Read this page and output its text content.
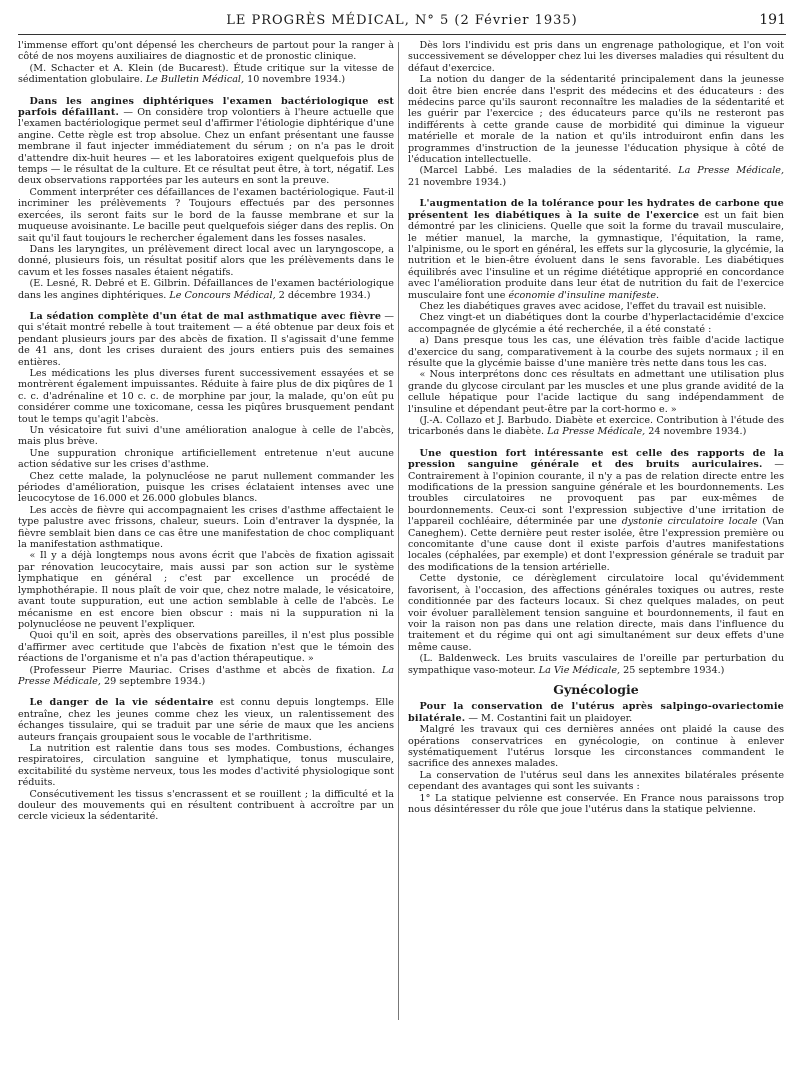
LE PROGRÈS MÉDICAL, N° 5 (2 Février 1935)	191

l'immense effort qu'ont dépensé les chercheurs de partout pour la ranger à côté de nos moyens auxiliaires de diagnostic et de pronostic clinique.

(M. Schacter et A. Klein (de Bucarest). Étude critique sur la vitesse de sédimentation globulaire. Le Bulletin Médical, 10 novembre 1934.)

Dans les angines diphtériques l'examen bactériologique est parfois défaillant. — On considère trop volontiers à l'heure actuelle que l'examen bactériologique permet seul d'affirmer l'étiologie diphtérique d'une angine. Cette règle est trop absolue. Chez un enfant présentant une fausse membrane il faut injecter immédiatement du sérum ; on n'a pas le droit d'attendre dix-huit heures — et les laboratoires exigent quelquefois plus de temps — le résultat de la culture. Et ce résultat peut être, à tort, négatif. Les deux observations rapportées par les auteurs en sont la preuve.

Comment interpréter ces défaillances de l'examen bactériologique. Faut-il incriminer les prélèvements ? Toujours effectués par des personnes exercées, ils seront faits sur le bord de la fausse membrane et sur la muqueuse avoisinante. Le bacille peut quelquefois siéger dans des replis. On sait qu'il faut toujours le rechercher également dans les fosses nasales.

Dans les laryngites, un prélèvement direct local avec un laryngoscope, a donné, plusieurs fois, un résultat positif alors que les prélèvements dans le cavum et les fosses nasales étaient négatifs.

(E. Lesné, R. Debré et E. Gilbrin. Défaillances de l'examen bactériologique dans les angines diphtériques. Le Concours Médical, 2 décembre 1934.)

La sédation complète d'un état de mal asthmatique avec fièvre — qui s'était montré rebelle à tout traitement — a été obtenue par deux fois et pendant plusieurs jours par des abcès de fixation. Il s'agissait d'une femme de 41 ans, dont les crises duraient des jours entiers puis des semaines entières.

Les médications les plus diverses furent successivement essayées et se montrèrent également impuissantes. Réduite à faire plus de dix piqûres de 1 c. c. d'adrénaline et 10 c. c. de morphine par jour, la malade, qu'on eût pu considérer comme une toxicomane, cessa les piqûres brusquement pendant tout le temps qu'agit l'abcès.

Un vésicatoire fut suivi d'une amélioration analogue à celle de l'abcès, mais plus brève.

Une suppuration chronique artificiellement entretenue n'eut aucune action sédative sur les crises d'asthme.

Chez cette malade, la polynucléose ne parut nullement commander les périodes d'amélioration, puisque les crises éclataient intenses avec une leucocytose de 16.000 et 26.000 globules blancs.

Les accès de fièvre qui accompagnaient les crises d'asthme affectaient le type palustre avec frissons, chaleur, sueurs. Loin d'entraver la dyspnée, la fièvre semblait bien dans ce cas être une manifestation de choc compliquant la manifestation asthmatique.

« Il y a déjà longtemps nous avons écrit que l'abcès de fixation agissait par rénovation leucocytaire, mais aussi par son action sur le système lymphatique en général ; c'est par excellence un procédé de lymphothérapie. Il nous plaît de voir que, chez notre malade, le vésicatoire, avant toute suppuration, eut une action semblable à celle de l'abcès. Le mécanisme en est encore bien obscur : mais ni la suppuration ni la polynucléose ne peuvent l'expliquer.

Quoi qu'il en soit, après des observations pareilles, il n'est plus possible d'affirmer avec certitude que l'abcès de fixation n'est que le témoin des réactions de l'organisme et n'a pas d'action thérapeutique. »

(Professeur Pierre Mauriac. Crises d'asthme et abcès de fixation. La Presse Médicale, 29 septembre 1934.)

Le danger de la vie sédentaire est connu depuis longtemps. Elle entraîne, chez les jeunes comme chez les vieux, un ralentissement des échanges tissulaire, qui se traduit par une série de maux que les anciens auteurs français groupaient sous le vocable de l'arthritisme.

La nutrition est ralentie dans tous ses modes. Combustions, échanges respiratoires, circulation sanguine et lymphatique, tonus musculaire, excitabilité du système nerveux, tous les modes d'activité physiologique sont réduits.

Consécutivement les tissus s'encrassent et se rouillent ; la difficulté et la douleur des mouvements qui en résultent contribuent à accroître par un cercle vicieux la sédentarité.

Dès lors l'individu est pris dans un engrenage pathologique, et l'on voit successivement se développer chez lui les diverses maladies qui résultent du défaut d'exercice.

La notion du danger de la sédentarité principalement dans la jeunesse doit être bien encrée dans l'esprit des médecins et des éducateurs : des médecins parce qu'ils sauront reconnaître les maladies de la sédentarité et les guérir par l'exercice ; des éducateurs parce qu'ils ne resteront pas indifférents à cette grande cause de morbidité qui diminue la vigueur matérielle et morale de la nation et qu'ils introduiront enfin dans les programmes d'instruction de la jeunesse l'éducation physique à côté de l'éducation intellectuelle.

(Marcel Labbé. Les maladies de la sédentarité. La Presse Médicale, 21 novembre 1934.)

L'augmentation de la tolérance pour les hydrates de carbone que présentent les diabétiques à la suite de l'exercice est un fait bien démontré par les cliniciens. Quelle que soit la forme du travail musculaire, le métier manuel, la marche, la gymnastique, l'équitation, la rame, l'alpinisme, ou le sport en général, les effets sur la glycosurie, la glycémie, la nutrition et le bien-être évoluent dans le sens favorable. Les diabétiques équilibrés avec l'insuline et un régime diététique approprié en concordance avec l'amélioration produite dans leur état de nutrition du fait de l'exercice musculaire font une économie d'insuline manifeste.

Chez les diabétiques graves avec acidose, l'effet du travail est nuisible.

Chez vingt-et un diabétiques dont la courbe d'hyperlactacidémie d'excice accompagnée de glycémie a été recherchée, il a été constaté :

a) Dans presque tous les cas, une élévation très faible d'acide lactique d'exercice du sang, comparativement à la courbe des sujets normaux ; il en résulte que la glycémie baisse d'une manière très nette dans tous les cas.

« Nous interprétons donc ces résultats en admettant une utilisation plus grande du glycose circulant par les muscles et une plus grande avidité de la cellule hépatique pour l'acide lactique du sang indépendamment de l'insuline et dépendant peut-être par la cort-hormo e. »

(J.-A. Collazo et J. Barbudo. Diabète et exercice. Contribution à l'étude des tricarbonés dans le diabète. La Presse Médicale, 24 novembre 1934.)

Une question fort intéressante est celle des rapports de la pression sanguine générale et des bruits auriculaires. — Contrairement à l'opinion courante, il n'y a pas de relation directe entre les modifications de la pression sanguine générale et les bourdonnements. Les troubles circulatoires ne provoquent pas par eux-mêmes de bourdonnements. Ceux-ci sont l'expression subjective d'une irritation de l'appareil cochléaire, déterminée par une dystonie circulatoire locale (Van Caneghem). Cette dernière peut rester isolée, être l'expression première ou concomitante d'une cause dont il existe parfois d'autres manifestations locales (céphalées, par exemple) et dont l'expression générale se traduit par des modifications de la tension artérielle.

Cette dystonie, ce dérèglement circulatoire local qu'évidemment favorisent, à l'occasion, des affections générales toxiques ou autres, reste conditionnée par des facteurs locaux. Si chez quelques malades, on peut voir évoluer parallèlement tension sanguine et bourdonnements, il faut en voir la raison non pas dans une relation directe, mais dans l'influence du traitement et du régime qui ont agi simultanément sur deux effets d'une même cause.

(L. Baldenweck. Les bruits vasculaires de l'oreille par perturbation du sympathique vaso-moteur. La Vie Médicale, 25 septembre 1934.)

Gynécologie

Pour la conservation de l'utérus après salpingo-ovariectomie bilatérale. — M. Costantini fait un plaidoyer.

Malgré les travaux qui ces dernières années ont plaidé la cause des opérations conservatrices en gynécologie, on continue à enlever systématiquement l'utérus lorsque les circonstances commandent le sacrifice des annexes malades.

La conservation de l'utérus seul dans les annexites bilatérales présente cependant des avantages qui sont les suivants :

1° La statique pelvienne est conservée. En France nous paraissons trop nous désintéresser du rôle que joue l'utérus dans la statique pelvienne.
